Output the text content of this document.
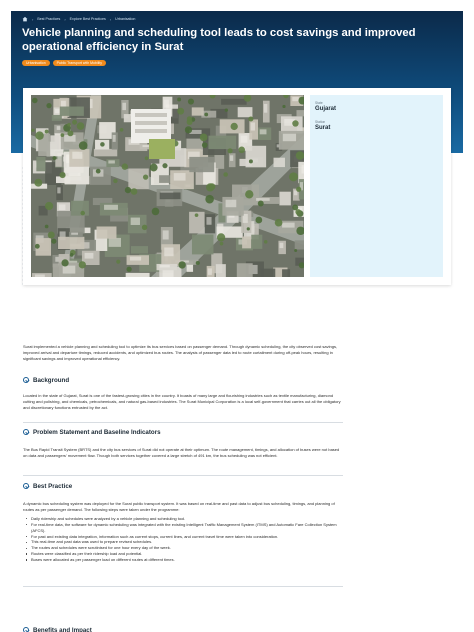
› Best Practices › Explore Best Practices › Urbanisation
Vehicle planning and scheduling tool leads to cost savings and improved operational efficiency in Surat
Urbanisation	Public Transport with Mobility
State
Gujarat
Station
Surat

Surat implemented a vehicle planning and scheduling tool to optimize its bus services based on passenger demand. Through dynamic scheduling, the city observed cost savings, improved arrival and departure timings, reduced accidents, and optimized bus routes. The analysis of passenger data led to route curtailment during off-peak hours, resulting in significant savings and improved operational efficiency.

Background

Located in the state of Gujarat, Surat is one of the fastest-growing cities in the country. It boasts of many large and flourishing industries such as textile manufacturing, diamond cutting and polishing, and chemicals, petrochemicals, and natural gas-based industries. The Surat Municipal Corporation is a local self-government that carries out all the obligatory and discretionary functions entrusted by the act.

Problem Statement and Baseline Indicators

The Bus Rapid Transit System (BRTS) and the city bus services of Surat did not operate at their optimum. The route management, timings, and allocation of buses were not based on data and passengers' movement flow. Though both services together covered a large stretch of 491 km, the bus scheduling was not efficient.

Best Practice

A dynamic bus scheduling system was deployed for the Surat public transport system. It was based on real-time and past data to adjust bus scheduling, timings, and planning of routes as per passenger demand. The following steps were taken under the programme:

Daily ridership and schedules were analyzed by a vehicle planning and scheduling tool.
For real-time data, the software for dynamic scheduling was integrated with the existing Intelligent Traffic Management System (ITMS) and Automatic Fare Collection System (AFCS).
For past and existing data integration, information such as current stops, current lines, and current travel time were taken into consideration.
This real-time and past data was used to prepare revised schedules.
The routes and schedules were scrutinised for one hour every day of the week.
Routes were classified as per their ridership load and potential.
Buses were allocated as per passenger load on different routes at different times.
Benefits and Impact
